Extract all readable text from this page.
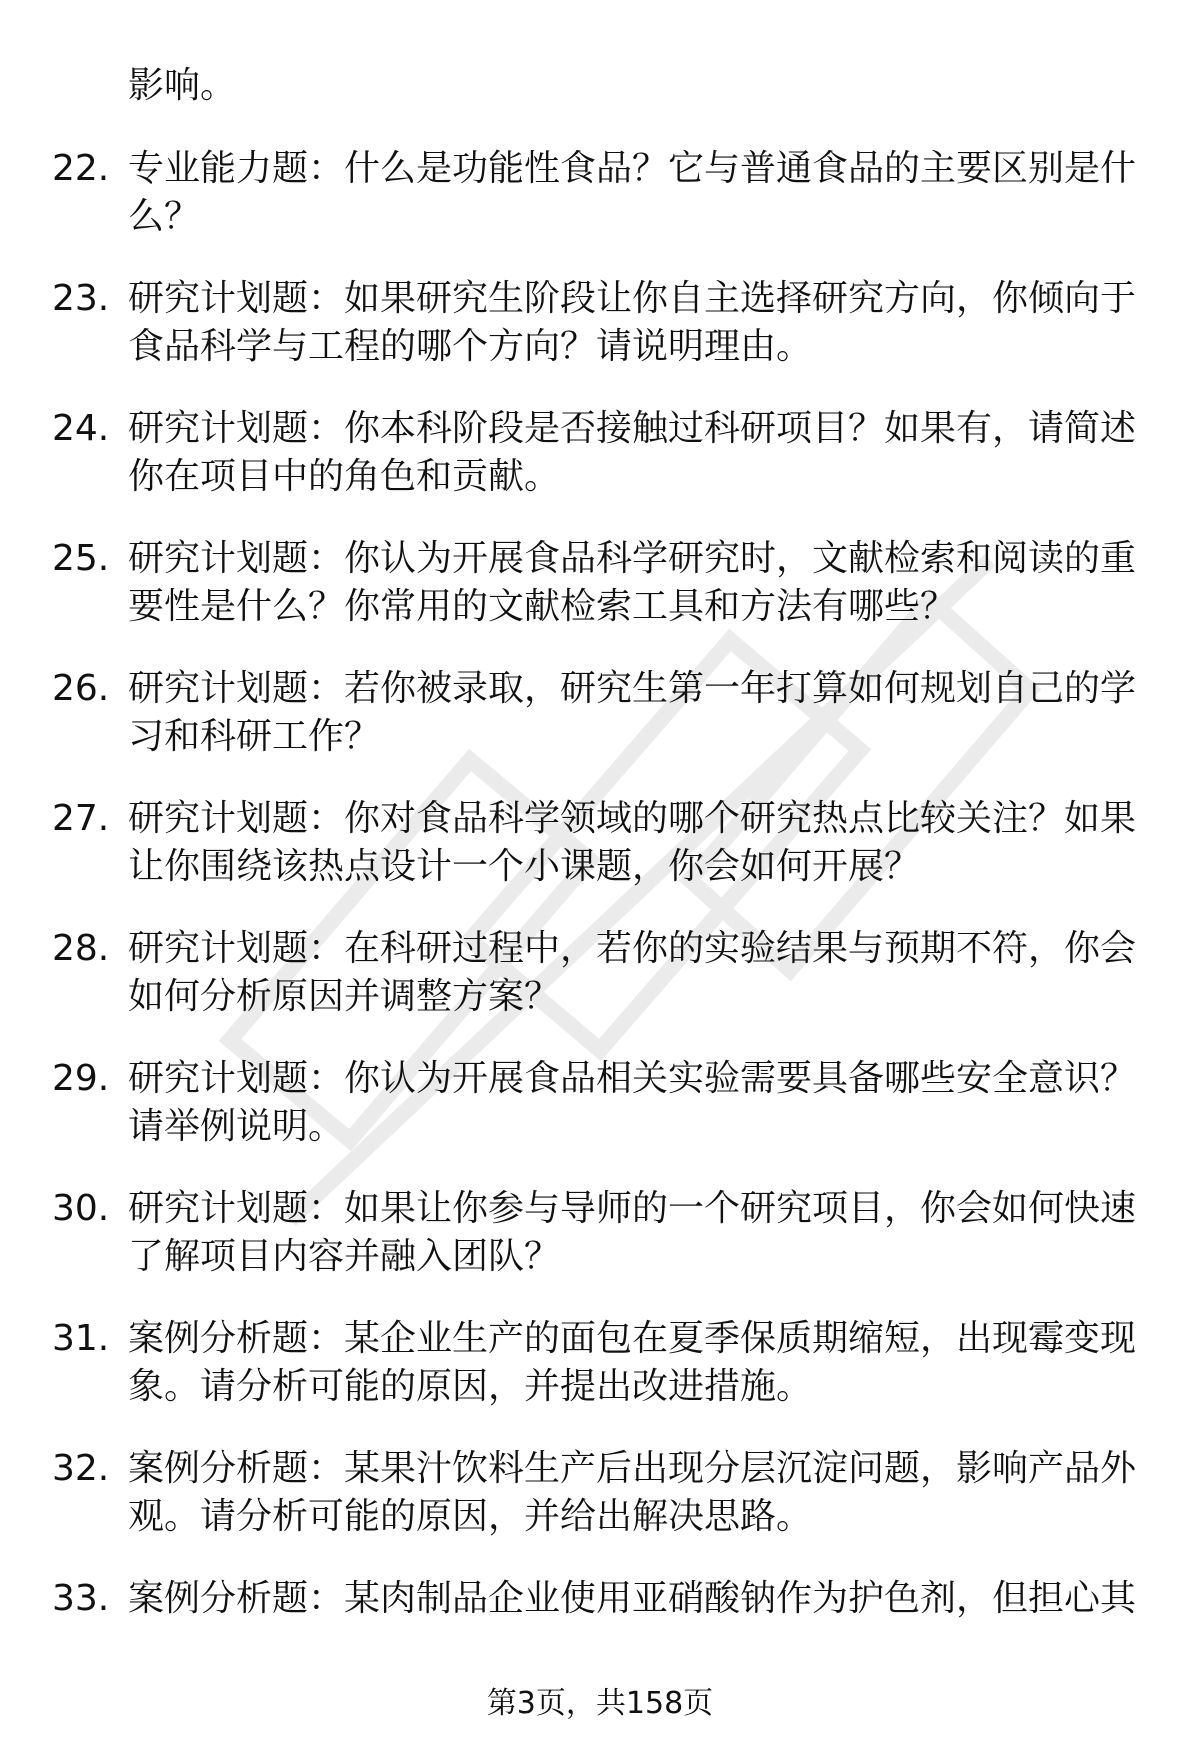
影响。

22. 专业能力题：什么是功能性食品？它与普通食品的主要区别是什
么？
23. 研究计划题：如果研究生阶段让你自主选择研究方向，你倾向于
食品科学与工程的哪个方向？请说明理由。
24. 研究计划题：你本科阶段是否接触过科研项目？如果有，请简述
你在项目中的角色和贡献。
25. 研究计划题：你认为开展食品科学研究时，文献检索和阅读的重
要性是什么？你常用的文献检索工具和方法有哪些？
26. 研究计划题：若你被录取，研究生第一年打算如何规划自己的学
习和科研工作？
27. 研究计划题：你对食品科学领域的哪个研究热点比较关注？如果
让你围绕该热点设计一个小课题，你会如何开展？
28. 研究计划题：在科研过程中，若你的实验结果与预期不符，你会
如何分析原因并调整方案？
29. 研究计划题：你认为开展食品相关实验需要具备哪些安全意识？
请举例说明。
30. 研究计划题：如果让你参与导师的一个研究项目，你会如何快速
了解项目内容并融入团队？
31. 案例分析题：某企业生产的面包在夏季保质期缩短，出现霉变现
象。请分析可能的原因，并提出改进措施。
32. 案例分析题：某果汁饮料生产后出现分层沉淀问题，影响产品外
观。请分析可能的原因，并给出解决思路。
33. 案例分析题：某肉制品企业使用亚硝酸钠作为护色剂，但担心其
第3页，共158页
